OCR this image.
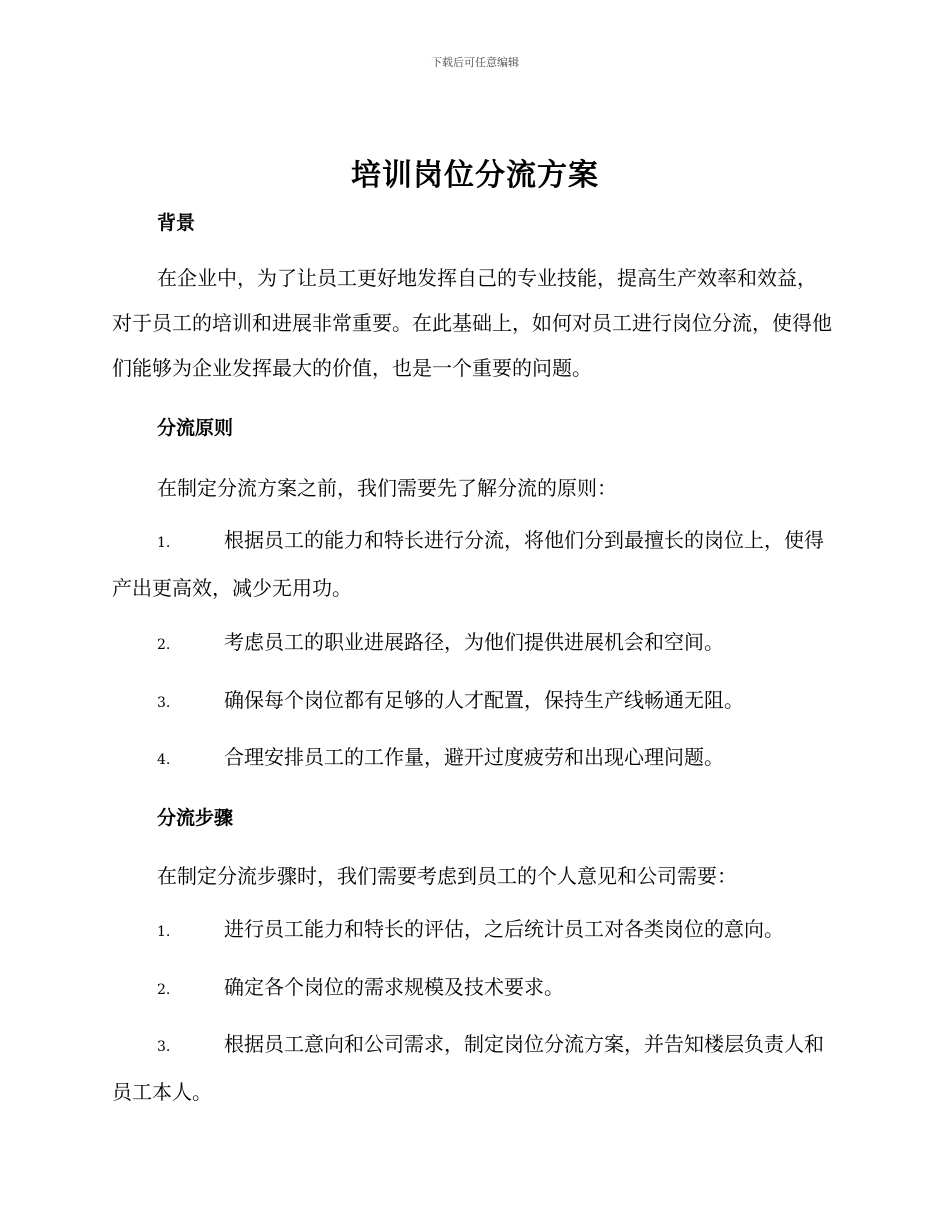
下载后可任意编辑
培训岗位分流方案
背景
在企业中，为了让员工更好地发挥自己的专业技能，提高生产效率和效益，对于员工的培训和进展非常重要。在此基础上，如何对员工进行岗位分流，使得他们能够为企业发挥最大的价值，也是一个重要的问题。
分流原则
在制定分流方案之前，我们需要先了解分流的原则：
1.	根据员工的能力和特长进行分流，将他们分到最擅长的岗位上，使得产出更高效，减少无用功。
2.	考虑员工的职业进展路径，为他们提供进展机会和空间。
3.	确保每个岗位都有足够的人才配置，保持生产线畅通无阻。
4.	合理安排员工的工作量，避开过度疲劳和出现心理问题。
分流步骤
在制定分流步骤时，我们需要考虑到员工的个人意见和公司需要：
1.	进行员工能力和特长的评估，之后统计员工对各类岗位的意向。
2.	确定各个岗位的需求规模及技术要求。
3.	根据员工意向和公司需求，制定岗位分流方案，并告知楼层负责人和员工本人。
